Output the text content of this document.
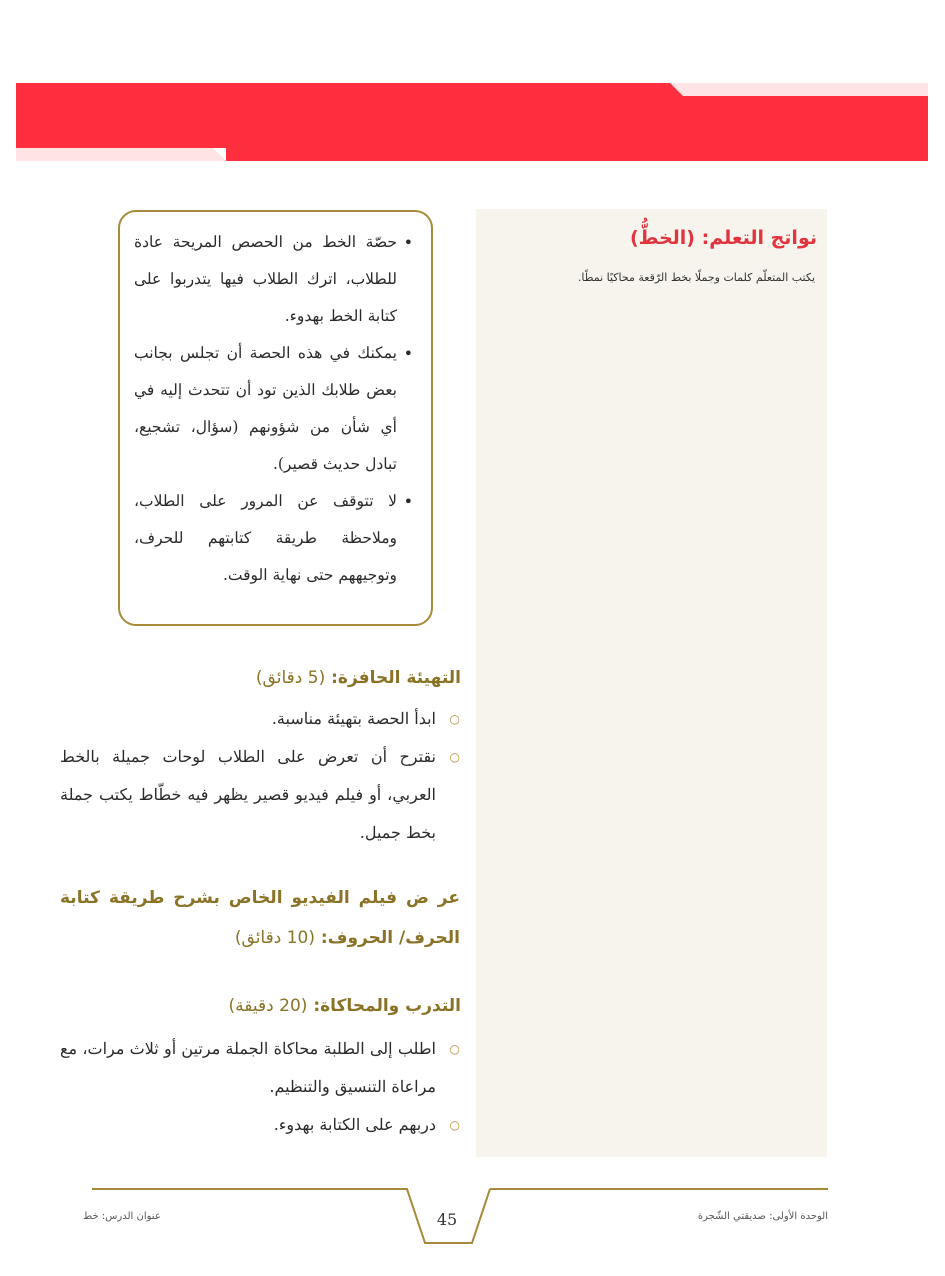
نواتج التعلم: (الخطُّ)
يكتب المتعلّم كلمات وجملًا بخط الرّقعة محاكيًا نمطًا.
•
حصّة الخط من الحصص المريحة عادة للطلاب، اترك الطلاب فيها يتدربوا على كتابة الخط بهدوء.
•
يمكنك في هذه الحصة أن تجلس بجانب بعض طلابك الذين تود أن تتحدث إليه في أي شأن من شؤونهم (سؤال، تشجيع، تبادل حديث قصير).
•
لا تتوقف عن المرور على الطلاب، وملاحظة طريقة كتابتهم للحرف، وتوجيههم حتى نهاية الوقت.
التهيئة الحافزة: (5 دقائق)
○
ابدأ الحصة بتهيئة مناسبة.
○
نقترح أن تعرض على الطلاب لوحات جميلة بالخط العربي، أو فيلم فيديو قصير يظهر فيه خطّاط يكتب جملة بخط جميل.
عر ض فيلم الفيديو الخاص بشرح طريقة كتابة الحرف/ الحروف: (10 دقائق)
التدرب والمحاكاة: (20 دقيقة)
○
اطلب إلى الطلبة محاكاة الجملة مرتين أو ثلاث مرات، مع مراعاة التنسيق والتنظيم.
○
دربهم على الكتابة بهدوء.
عنوان الدرس: خط	45	الوحدة الأولى: صديقتي الشّجرة
